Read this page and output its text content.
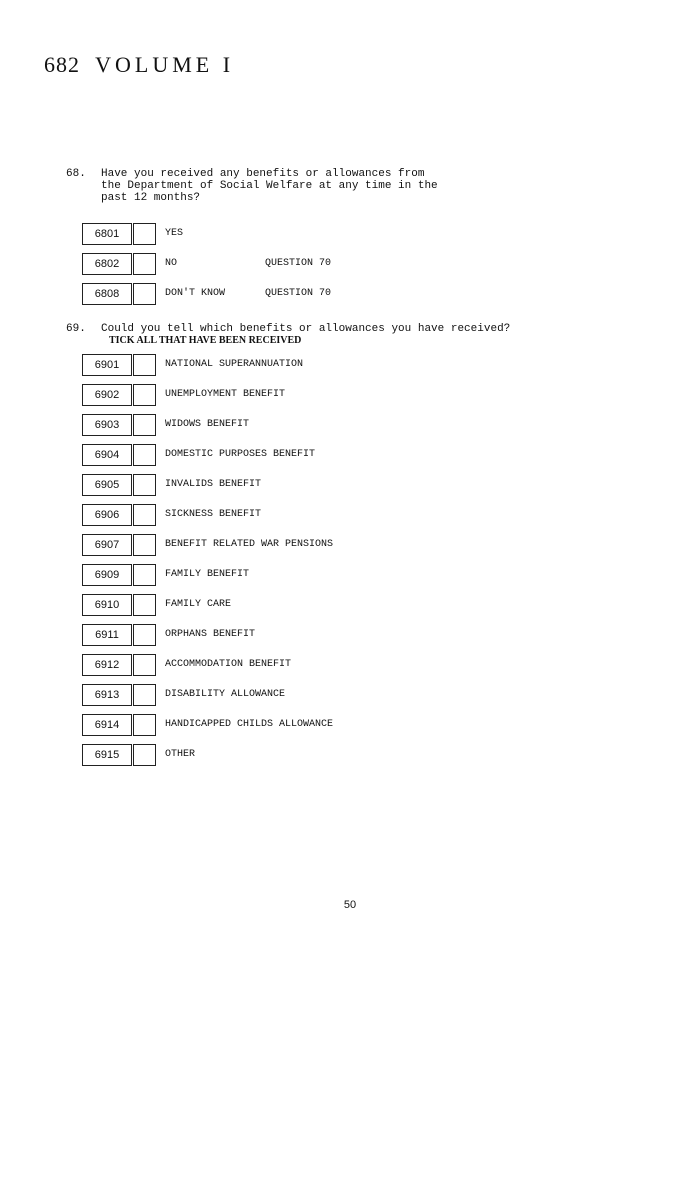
682 VOLUME I
68. Have you received any benefits or allowances from
the Department of Social Welfare at any time in the
past 12 months?
6801	YES
6802	NO	QUESTION 70
6808	DON'T KNOW	QUESTION 70
69. Could you tell which benefits or allowances you have received?
TICK ALL THAT HAVE BEEN RECEIVED
6901	NATIONAL SUPERANNUATION
6902	UNEMPLOYMENT BENEFIT
6903	WIDOWS BENEFIT
6904	DOMESTIC PURPOSES BENEFIT
6905	INVALIDS BENEFIT
6906	SICKNESS BENEFIT
6907	BENEFIT RELATED WAR PENSIONS
6909	FAMILY BENEFIT
6910	FAMILY CARE
6911	ORPHANS BENEFIT
6912	ACCOMMODATION BENEFIT
6913	DISABILITY ALLOWANCE
6914	HANDICAPPED CHILDS ALLOWANCE
6915	OTHER
50
